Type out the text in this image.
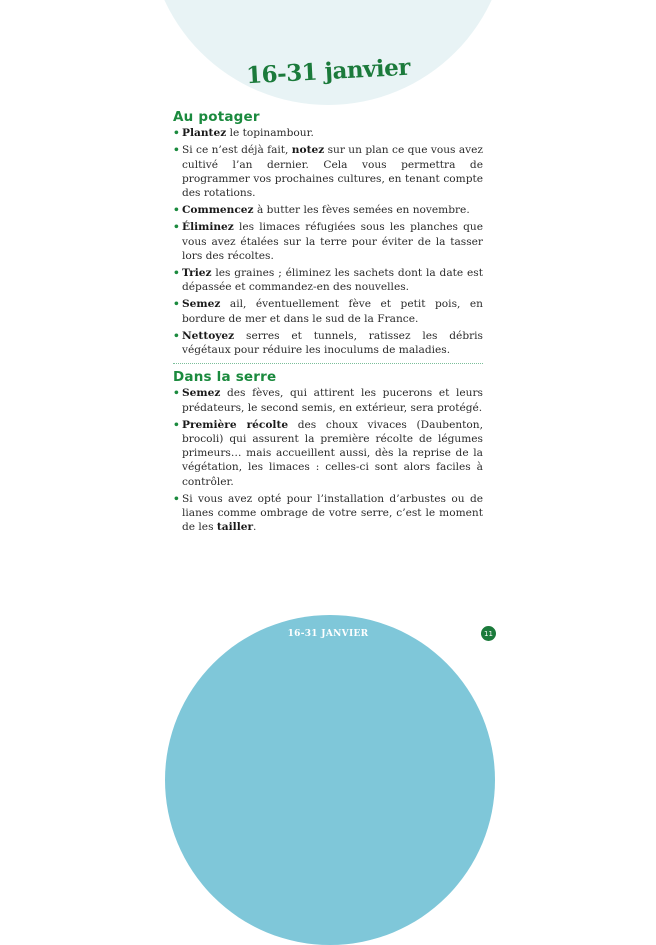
16-31 janvier
Au potager
• Plantez le topinambour.
• Si ce n’est déjà fait, notez sur un plan ce que vous avez cultivé l’an dernier. Cela vous permettra de programmer vos prochaines cultures, en tenant compte des rotations.
• Commencez à butter les fèves semées en novembre.
• Éliminez les limaces réfugiées sous les planches que vous avez étalées sur la terre pour éviter de la tasser lors des récoltes.
• Triez les graines ; éliminez les sachets dont la date est dépassée et commandez-en des nouvelles.
• Semez ail, éventuellement fève et petit pois, en bordure de mer et dans le sud de la France.
• Nettoyez serres et tunnels, ratissez les débris végétaux pour réduire les inoculums de maladies.
Dans la serre
• Semez des fèves, qui attirent les pucerons et leurs prédateurs, le second semis, en extérieur, sera protégé.
• Première récolte des choux vivaces (Daubenton, brocoli) qui assurent la première récolte de légumes primeurs… mais accueillent aussi, dès la reprise de la végétation, les limaces : celles-ci sont alors faciles à contrôler.
• Si vous avez opté pour l’installation d’arbustes ou de lianes comme ombrage de votre serre, c’est le moment de les tailler.
16-31 JANVIER	11
